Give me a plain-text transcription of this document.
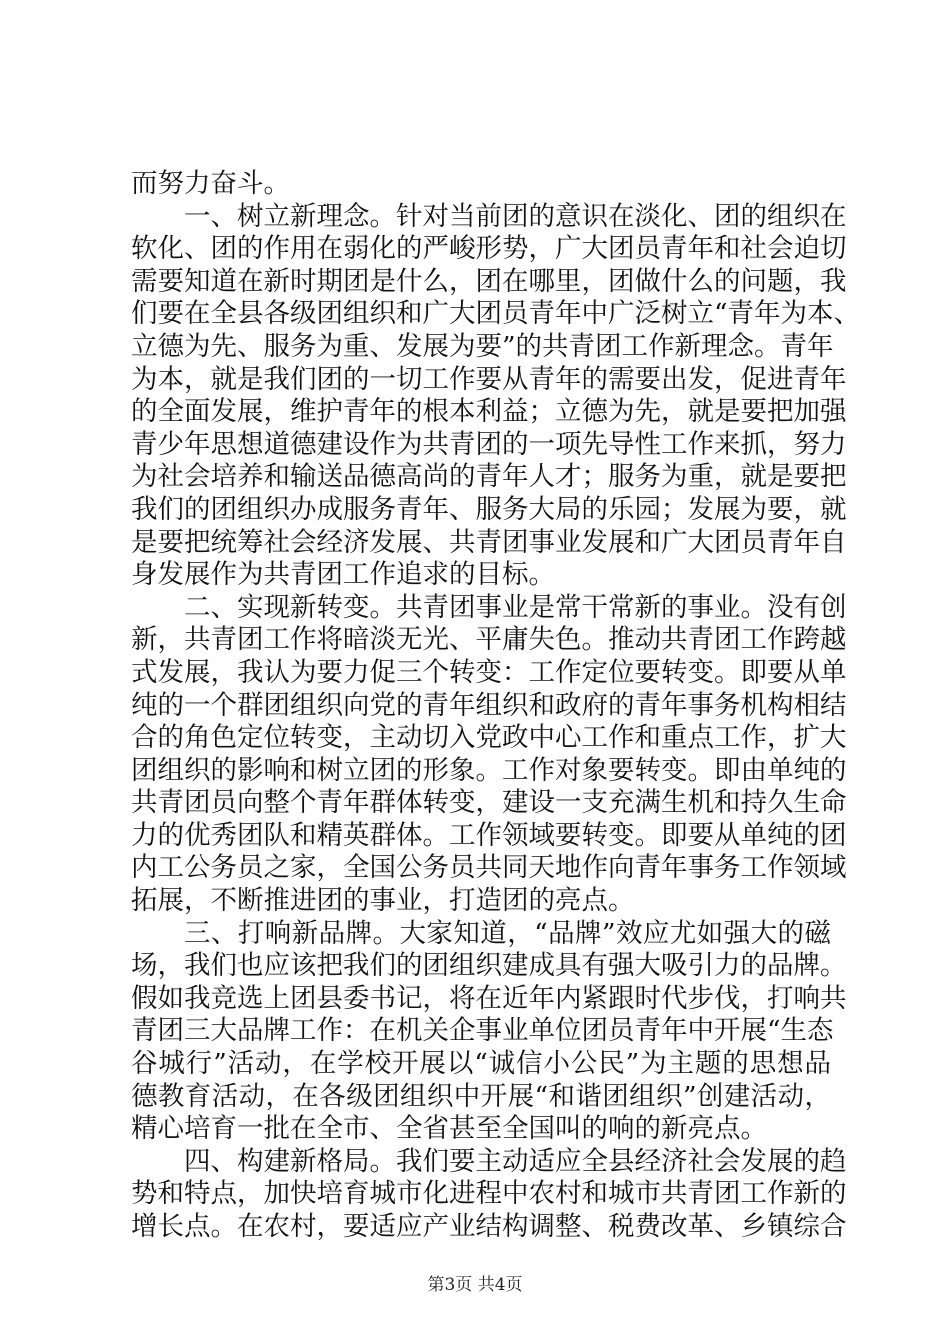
而努力奋斗。
一、树立新理念。针对当前团的意识在淡化、团的组织在
软化、团的作用在弱化的严峻形势，广大团员青年和社会迫切
需要知道在新时期团是什么，团在哪里，团做什么的问题，我
们要在全县各级团组织和广大团员青年中广泛树立“青年为本、
立德为先、服务为重、发展为要”的共青团工作新理念。青年
为本，就是我们团的一切工作要从青年的需要出发，促进青年
的全面发展，维护青年的根本利益；立德为先，就是要把加强
青少年思想道德建设作为共青团的一项先导性工作来抓，努力
为社会培养和输送品德高尚的青年人才；服务为重，就是要把
我们的团组织办成服务青年、服务大局的乐园；发展为要，就
是要把统筹社会经济发展、共青团事业发展和广大团员青年自
身发展作为共青团工作追求的目标。
二、实现新转变。共青团事业是常干常新的事业。没有创
新，共青团工作将暗淡无光、平庸失色。推动共青团工作跨越
式发展，我认为要力促三个转变：工作定位要转变。即要从单
纯的一个群团组织向党的青年组织和政府的青年事务机构相结
合的角色定位转变，主动切入党政中心工作和重点工作，扩大
团组织的影响和树立团的形象。工作对象要转变。即由单纯的
共青团员向整个青年群体转变，建设一支充满生机和持久生命
力的优秀团队和精英群体。工作领域要转变。即要从单纯的团
内工公务员之家，全国公务员共同天地作向青年事务工作领域
拓展，不断推进团的事业，打造团的亮点。
三、打响新品牌。大家知道，“品牌”效应尤如强大的磁
场，我们也应该把我们的团组织建成具有强大吸引力的品牌。
假如我竞选上团县委书记，将在近年内紧跟时代步伐，打响共
青团三大品牌工作：在机关企事业单位团员青年中开展“生态
谷城行”活动，在学校开展以“诚信小公民”为主题的思想品
德教育活动，在各级团组织中开展“和谐团组织”创建活动，
精心培育一批在全市、全省甚至全国叫的响的新亮点。
四、构建新格局。我们要主动适应全县经济社会发展的趋
势和特点，加快培育城市化进程中农村和城市共青团工作新的
增长点。在农村，要适应产业结构调整、税费改革、乡镇综合
第3页 共4页
